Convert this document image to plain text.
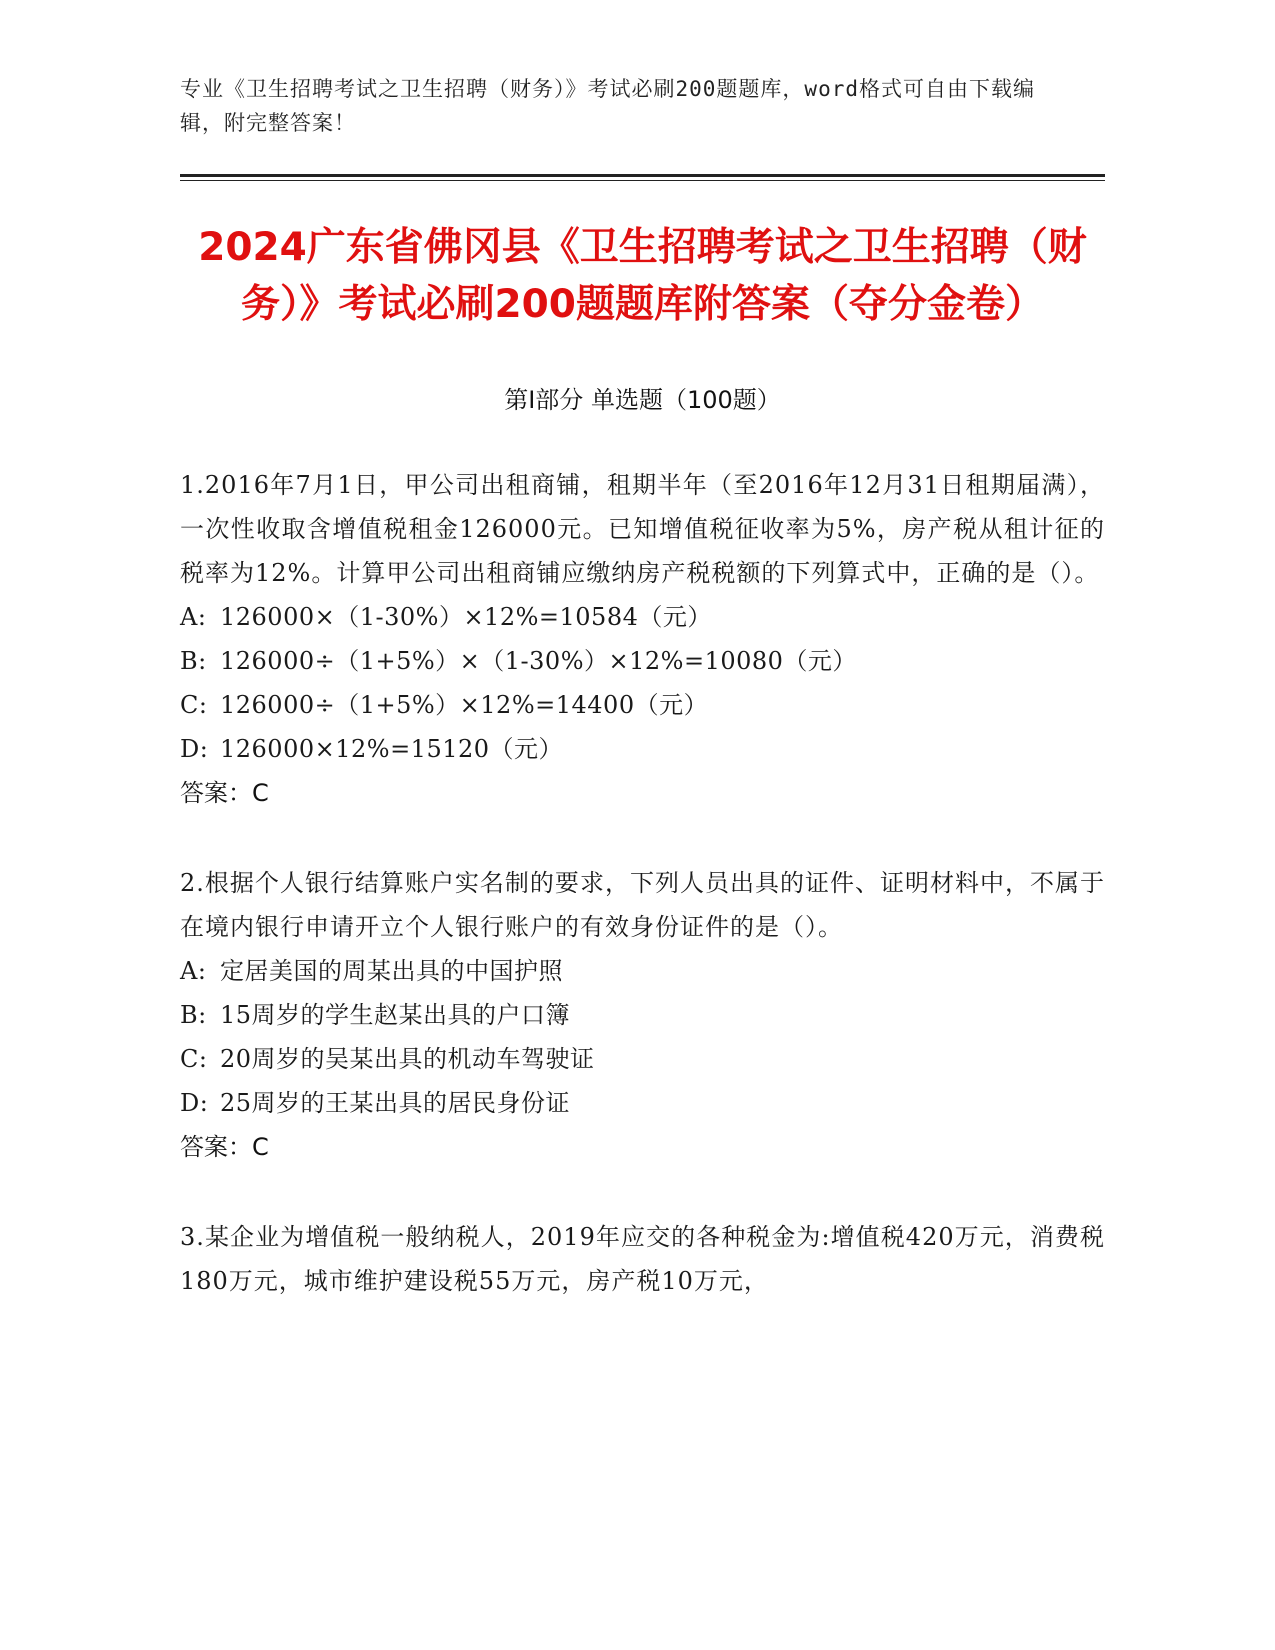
专业《卫生招聘考试之卫生招聘（财务）》考试必刷200题题库，word格式可自由下载编辑，附完整答案！
2024广东省佛冈县《卫生招聘考试之卫生招聘（财务）》考试必刷200题题库附答案（夺分金卷）
第Ⅰ部分 单选题（100题）

1.2016年7月1日，甲公司出租商铺，租期半年（至2016年12月31日租期届满），一次性收取含增值税租金126000元。已知增值税征收率为5%，房产税从租计征的税率为12%。计算甲公司出租商铺应缴纳房产税税额的下列算式中，正确的是（）。

A: 126000×（1-30%）×12%=10584（元）
B: 126000÷（1+5%）×（1-30%）×12%=10080（元）
C: 126000÷（1+5%）×12%=14400（元）
D: 126000×12%=15120（元）
答案：C

2.根据个人银行结算账户实名制的要求，下列人员出具的证件、证明材料中，不属于在境内银行申请开立个人银行账户的有效身份证件的是（）。

A: 定居美国的周某出具的中国护照
B: 15周岁的学生赵某出具的户口簿
C: 20周岁的吴某出具的机动车驾驶证
D: 25周岁的王某出具的居民身份证
答案：C

3.某企业为增值税一般纳税人，2019年应交的各种税金为:增值税420万元，消费税180万元，城市维护建设税55万元，房产税10万元，
